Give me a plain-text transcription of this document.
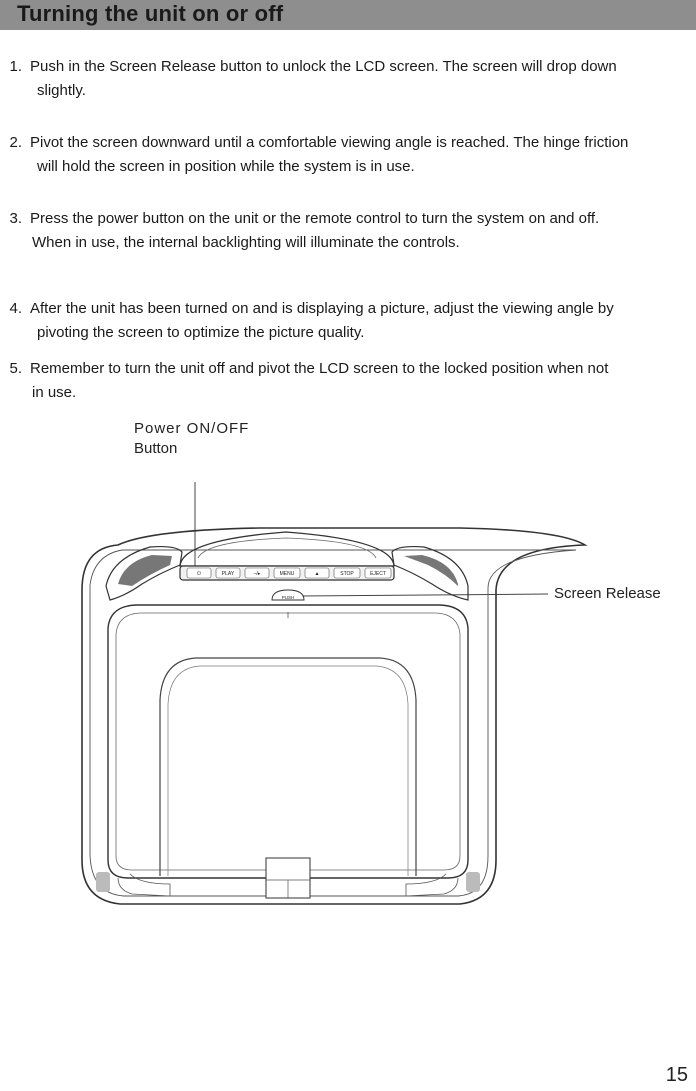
Turning the unit on or off
1. Push in the Screen Release button to unlock the LCD screen. The screen will drop down
slightly.
2. Pivot the screen downward until a comfortable viewing angle is reached. The hinge friction
will hold the screen in position while the system is in use.
3. Press the power button on the unit or the remote control to turn the system on and off.
When in use, the internal backlighting will illuminate the controls.
4. After the unit has been turned on and is displaying a picture, adjust the viewing angle by
pivoting the screen to optimize the picture quality.
5. Remember to turn the unit off and pivot the LCD screen to the locked position when not
in use.
Power ON/OFF
Button
Screen Release
⏻	PLAY	–/▸	MENU	▲	STOP	EJECT
PUSH
15
